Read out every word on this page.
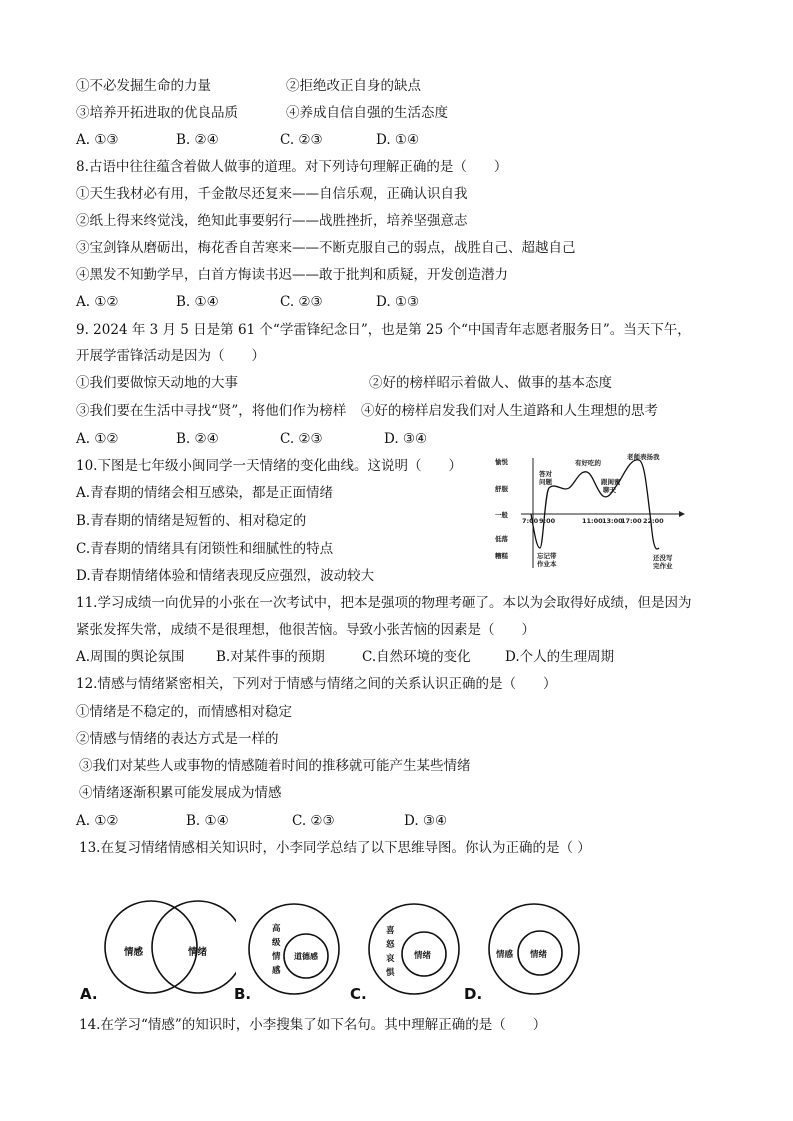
①不必发掘生命的力量	②拒绝改正自身的缺点
③培养开拓进取的优良品质	④养成自信自强的生活态度
A. ①③	B. ②④	C. ②③	D. ①④
8.古语中往往蕴含着做人做事的道理。对下列诗句理解正确的是（　　）
①天生我材必有用，千金散尽还复来——自信乐观，正确认识自我
②纸上得来终觉浅，绝知此事要躬行——战胜挫折，培养坚强意志
③宝剑锋从磨砺出，梅花香自苦寒来——不断克服自己的弱点，战胜自己、超越自己
④黑发不知勤学早，白首方悔读书迟——敢于批判和质疑，开发创造潜力
A. ①②	B. ①④	C. ②③	D. ①③
9. 2024 年 3 月 5 日是第 61 个“学雷锋纪念日”，也是第 25 个“中国青年志愿者服务日”。当天下午，
开展学雷锋活动是因为（　　）
①我们要做惊天动地的大事	②好的榜样昭示着做人、做事的基本态度
③我们要在生活中寻找“贤”，将他们作为榜样 ④好的榜样启发我们对人生道路和人生理想的思考
A. ①②	B. ②④	C. ②③	D. ③④
10.下图是七年级小闽同学一天情绪的变化曲线。这说明（　　）
A.青春期的情绪会相互感染，都是正面情绪
B.青春期的情绪是短暂的、相对稳定的
C.青春期的情绪具有闭锁性和细腻性的特点
D.青春期情绪体验和情绪表现反应强烈，波动较大
愉悦
舒服
一般
低落
糟糕
7:00 9:00	11:00 13:00
17:00 22:00
答对
问题
有好吃的
跟闺蜜
聊天
老师表扬我
忘记带
作业本
还没写
完作业
11.学习成绩一向优异的小张在一次考试中，把本是强项的物理考砸了。本以为会取得好成绩，但是因为
紧张发挥失常，成绩不是很理想，他很苦恼。导致小张苦恼的因素是（　　）
A.周围的舆论氛围 B.对某件事的预期	C.自然环境的变化	D.个人的生理周期
12.情感与情绪紧密相关，下列对于情感与情绪之间的关系认识正确的是（　　）
①情绪是不稳定的，而情感相对稳定
②情感与情绪的表达方式是一样的
③我们对某些人或事物的情感随着时间的推移就可能产生某些情绪
④情绪逐渐积累可能发展成为情感
A. ①②	B. ①④	C. ②③	D. ③④
13.在复习情绪情感相关知识时，小李同学总结了以下思维导图。你认为正确的是（ ）
情感	情绪
A.
高
级
情
感
道德感
B.
喜
怒
哀
惧
情绪
C.
情感 情绪
D.
14.在学习“情感”的知识时，小李搜集了如下名句。其中理解正确的是（　　）
